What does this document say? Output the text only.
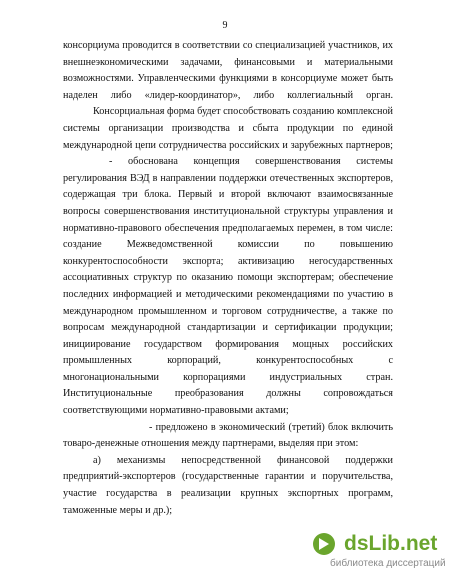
9
консорциума проводится в соответствии со специализацией участников, их
внешнеэкономическими задачами, финансовыми и материальными
возможностями. Управленческими функциями в консорциуме может быть
наделен либо «лидер-координатор», либо коллегиальный орган.
Консорциальная форма будет способствовать созданию комплексной
системы организации производства и сбыта продукции по единой
международной цепи сотрудничества российских и зарубежных партнеров;
- обоснована концепция совершенствования системы
регулирования ВЭД в направлении поддержки отечественных экспортеров,
содержащая три блока. Первый и второй включают взаимосвязанные
вопросы совершенствования институциональной структуры управления и
нормативно-правового обеспечения предполагаемых перемен, в том числе:
создание Межведомственной комиссии по повышению
конкурентоспособности экспорта; активизацию негосударственных
ассоциативных структур по оказанию помощи экспортерам; обеспечение
последних информацией и методическими рекомендациями по участию в
международном промышленном и торговом сотрудничестве, а также по
вопросам международной стандартизации и сертификации продукции;
инициирование государством формирования мощных российских
промышленных корпораций, конкурентоспособных с
многонациональными корпорациями индустриальных стран.
Институциональные преобразования должны сопровождаться
соответствующими нормативно-правовыми актами;
- предложено в экономический (третий) блок включить
товаро-денежные отношения между партнерами, выделяя при этом:
а) механизмы непосредственной финансовой поддержки
предприятий-экспортеров (государственные гарантии и поручительства,
участие государства в реализации крупных экспортных программ,
таможенные меры и др.);
dsLib.net
библиотека диссертаций
